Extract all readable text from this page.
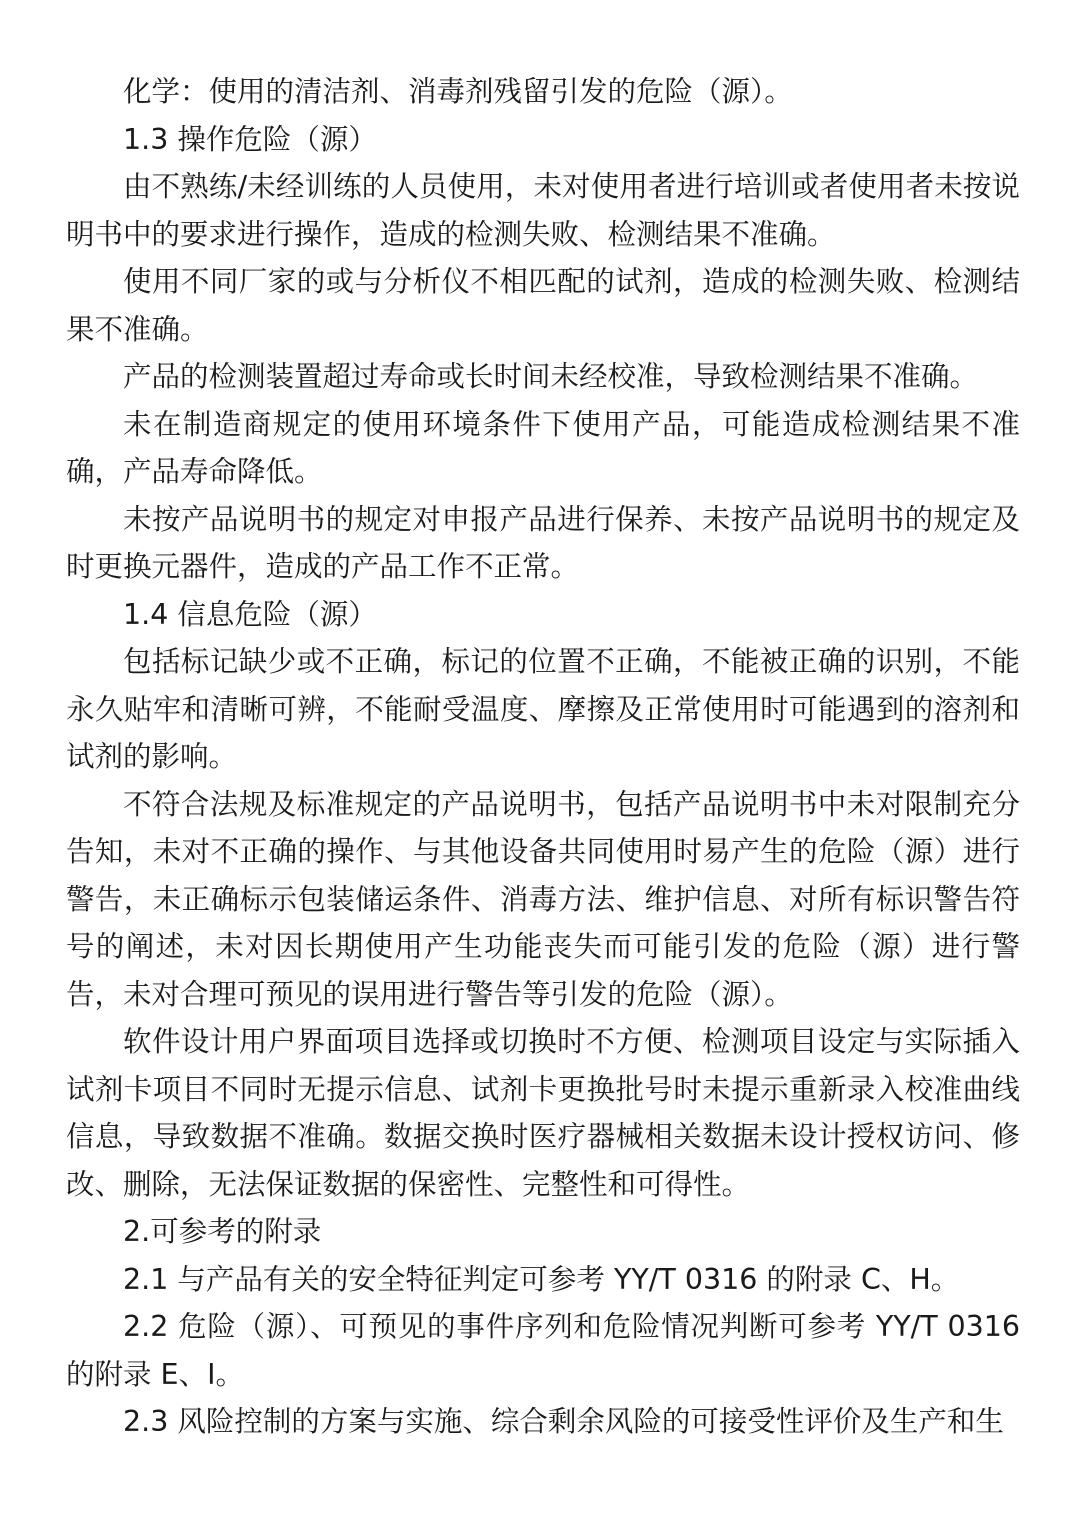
化学：使用的清洁剂、消毒剂残留引发的危险（源）。

1.3 操作危险（源）

由不熟练/未经训练的人员使用，未对使用者进行培训或者使用者未按说明书中的要求进行操作，造成的检测失败、检测结果不准确。

使用不同厂家的或与分析仪不相匹配的试剂，造成的检测失败、检测结果不准确。

产品的检测装置超过寿命或长时间未经校准，导致检测结果不准确。

未在制造商规定的使用环境条件下使用产品，可能造成检测结果不准确，产品寿命降低。

未按产品说明书的规定对申报产品进行保养、未按产品说明书的规定及时更换元器件，造成的产品工作不正常。

1.4 信息危险（源）

包括标记缺少或不正确，标记的位置不正确，不能被正确的识别，不能永久贴牢和清晰可辨，不能耐受温度、摩擦及正常使用时可能遇到的溶剂和试剂的影响。

不符合法规及标准规定的产品说明书，包括产品说明书中未对限制充分告知，未对不正确的操作、与其他设备共同使用时易产生的危险（源）进行警告，未正确标示包装储运条件、消毒方法、维护信息、对所有标识警告符号的阐述，未对因长期使用产生功能丧失而可能引发的危险（源）进行警告，未对合理可预见的误用进行警告等引发的危险（源）。

软件设计用户界面项目选择或切换时不方便、检测项目设定与实际插入试剂卡项目不同时无提示信息、试剂卡更换批号时未提示重新录入校准曲线信息，导致数据不准确。数据交换时医疗器械相关数据未设计授权访问、修改、删除，无法保证数据的保密性、完整性和可得性。

2.可参考的附录

2.1 与产品有关的安全特征判定可参考 YY/T 0316 的附录 C、H。

2.2 危险（源）、可预见的事件序列和危险情况判断可参考 YY/T 0316 的附录 E、I。

2.3 风险控制的方案与实施、综合剩余风险的可接受性评价及生产和生
